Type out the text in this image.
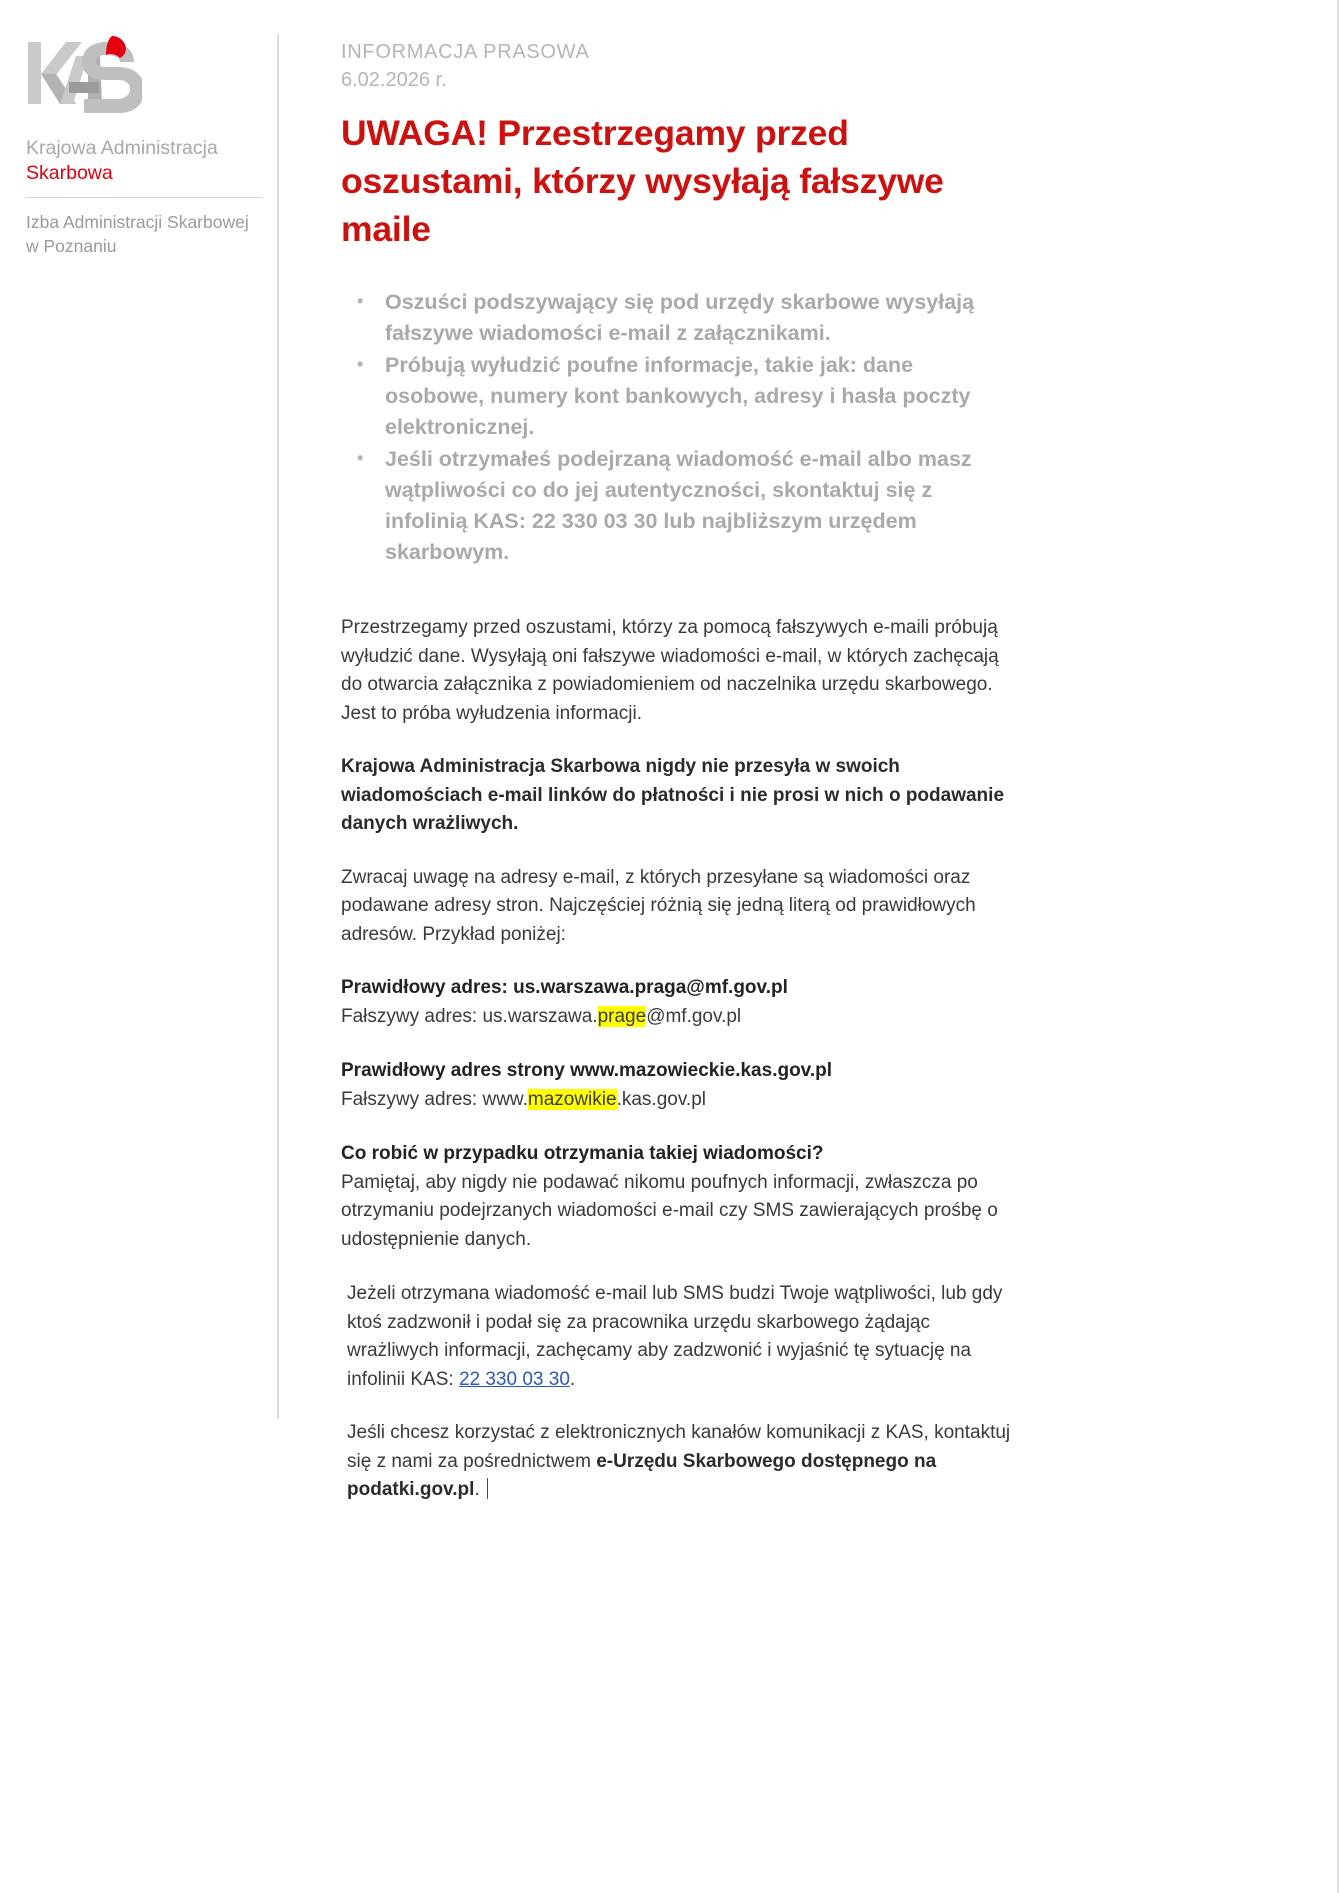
Krajowa Administracja
Skarbowa
Izba Administracji Skarbowej
w Poznaniu
INFORMACJA PRASOWA
6.02.2026 r.
UWAGA! Przestrzegamy przed oszustami, którzy wysyłają fałszywe maile
• Oszuści podszywający się pod urzędy skarbowe wysyłają fałszywe wiadomości e-mail z załącznikami.
• Próbują wyłudzić poufne informacje, takie jak: dane osobowe, numery kont bankowych, adresy i hasła poczty elektronicznej.
• Jeśli otrzymałeś podejrzaną wiadomość e-mail albo masz wątpliwości co do jej autentyczności, skontaktuj się z infolinią KAS: 22 330 03 30 lub najbliższym urzędem skarbowym.

Przestrzegamy przed oszustami, którzy za pomocą fałszywych e-maili próbują wyłudzić dane. Wysyłają oni fałszywe wiadomości e-mail, w których zachęcają do otwarcia załącznika z powiadomieniem od naczelnika urzędu skarbowego. Jest to próba wyłudzenia informacji.

Krajowa Administracja Skarbowa nigdy nie przesyła w swoich wiadomościach e-mail linków do płatności i nie prosi w nich o podawanie danych wrażliwych.

Zwracaj uwagę na adresy e-mail, z których przesyłane są wiadomości oraz podawane adresy stron. Najczęściej różnią się jedną literą od prawidłowych adresów. Przykład poniżej:

Prawidłowy adres: us.warszawa.praga@mf.gov.pl
Fałszywy adres: us.warszawa.prage@mf.gov.pl
Prawidłowy adres strony www.mazowieckie.kas.gov.pl
Fałszywy adres: www.mazowikie.kas.gov.pl
Co robić w przypadku otrzymania takiej wiadomości?
Pamiętaj, aby nigdy nie podawać nikomu poufnych informacji, zwłaszcza po otrzymaniu podejrzanych wiadomości e-mail czy SMS zawierających prośbę o udostępnienie danych.

Jeżeli otrzymana wiadomość e-mail lub SMS budzi Twoje wątpliwości, lub gdy ktoś zadzwonił i podał się za pracownika urzędu skarbowego żądając wrażliwych informacji, zachęcamy aby zadzwonić i wyjaśnić tę sytuację na infolinii KAS: 22 330 03 30.

Jeśli chcesz korzystać z elektronicznych kanałów komunikacji z KAS, kontaktuj się z nami za pośrednictwem e-Urzędu Skarbowego dostępnego na podatki.gov.pl.
